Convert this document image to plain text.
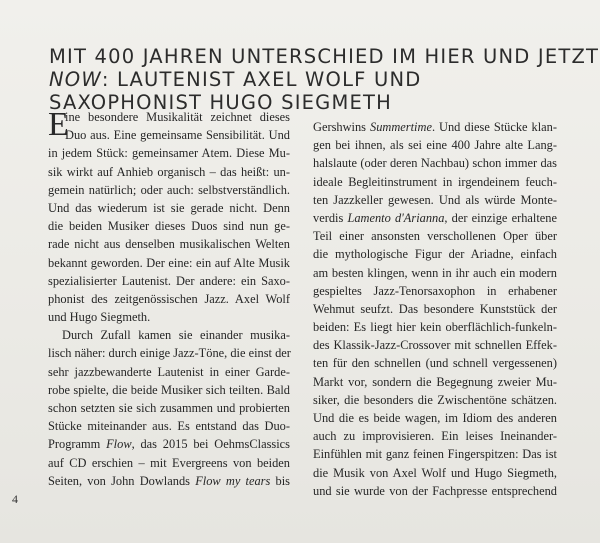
MIT 400 JAHREN UNTERSCHIED IM HIER UND JETZT
NOW: LAUTENIST AXEL WOLF UND
SAXOPHONIST HUGO SIEGMETH
E
ine besondere Musikalität zeichnet dieses
Duo aus. Eine gemeinsame Sensibilität. Und
in jedem Stück: gemeinsamer Atem. Diese Mu-
sik wirkt auf Anhieb organisch – das heißt: un-
gemein natürlich; oder auch: selbstverständlich.
Und das wiederum ist sie gerade nicht. Denn
die beiden Musiker dieses Duos sind nun ge-
rade nicht aus denselben musikalischen Welten
bekannt geworden. Der eine: ein auf Alte Musik
spezialisierter Lautenist. Der andere: ein Saxo-
phonist des zeitgenössischen Jazz. Axel Wolf
und Hugo Siegmeth.
Durch Zufall kamen sie einander musika-
lisch näher: durch einige Jazz-Töne, die einst der
sehr jazzbewanderte Lautenist in einer Garde-
robe spielte, die beide Musiker sich teilten. Bald
schon setzten sie sich zusammen und probierten
Stücke miteinander aus. Es entstand das Duo-
Programm Flow, das 2015 bei OehmsClassics
auf CD erschien – mit Evergreens von beiden
Seiten, von John Dowlands Flow my tears bis
Gershwins Summertime. Und diese Stücke klan-
gen bei ihnen, als sei eine 400 Jahre alte Lang-
halslaute (oder deren Nachbau) schon immer das
ideale Begleitinstrument in irgendeinem feuch-
ten Jazzkeller gewesen. Und als würde Monte-
verdis Lamento d'Arianna, der einzige erhaltene
Teil einer ansonsten verschollenen Oper über
die mythologische Figur der Ariadne, einfach
am besten klingen, wenn in ihr auch ein modern
gespieltes Jazz-Tenorsaxophon in erhabener
Wehmut seufzt. Das besondere Kunststück der
beiden: Es liegt hier kein oberflächlich-funkeln-
des Klassik-Jazz-Crossover mit schnellen Effek-
ten für den schnellen (und schnell vergessenen)
Markt vor, sondern die Begegnung zweier Mu-
siker, die besonders die Zwischentöne schätzen.
Und die es beide wagen, im Idiom des anderen
auch zu improvisieren. Ein leises Ineinander-
Einfühlen mit ganz feinen Fingerspitzen: Das ist
die Musik von Axel Wolf und Hugo Siegmeth,
und sie wurde von der Fachpresse entsprechend
4
